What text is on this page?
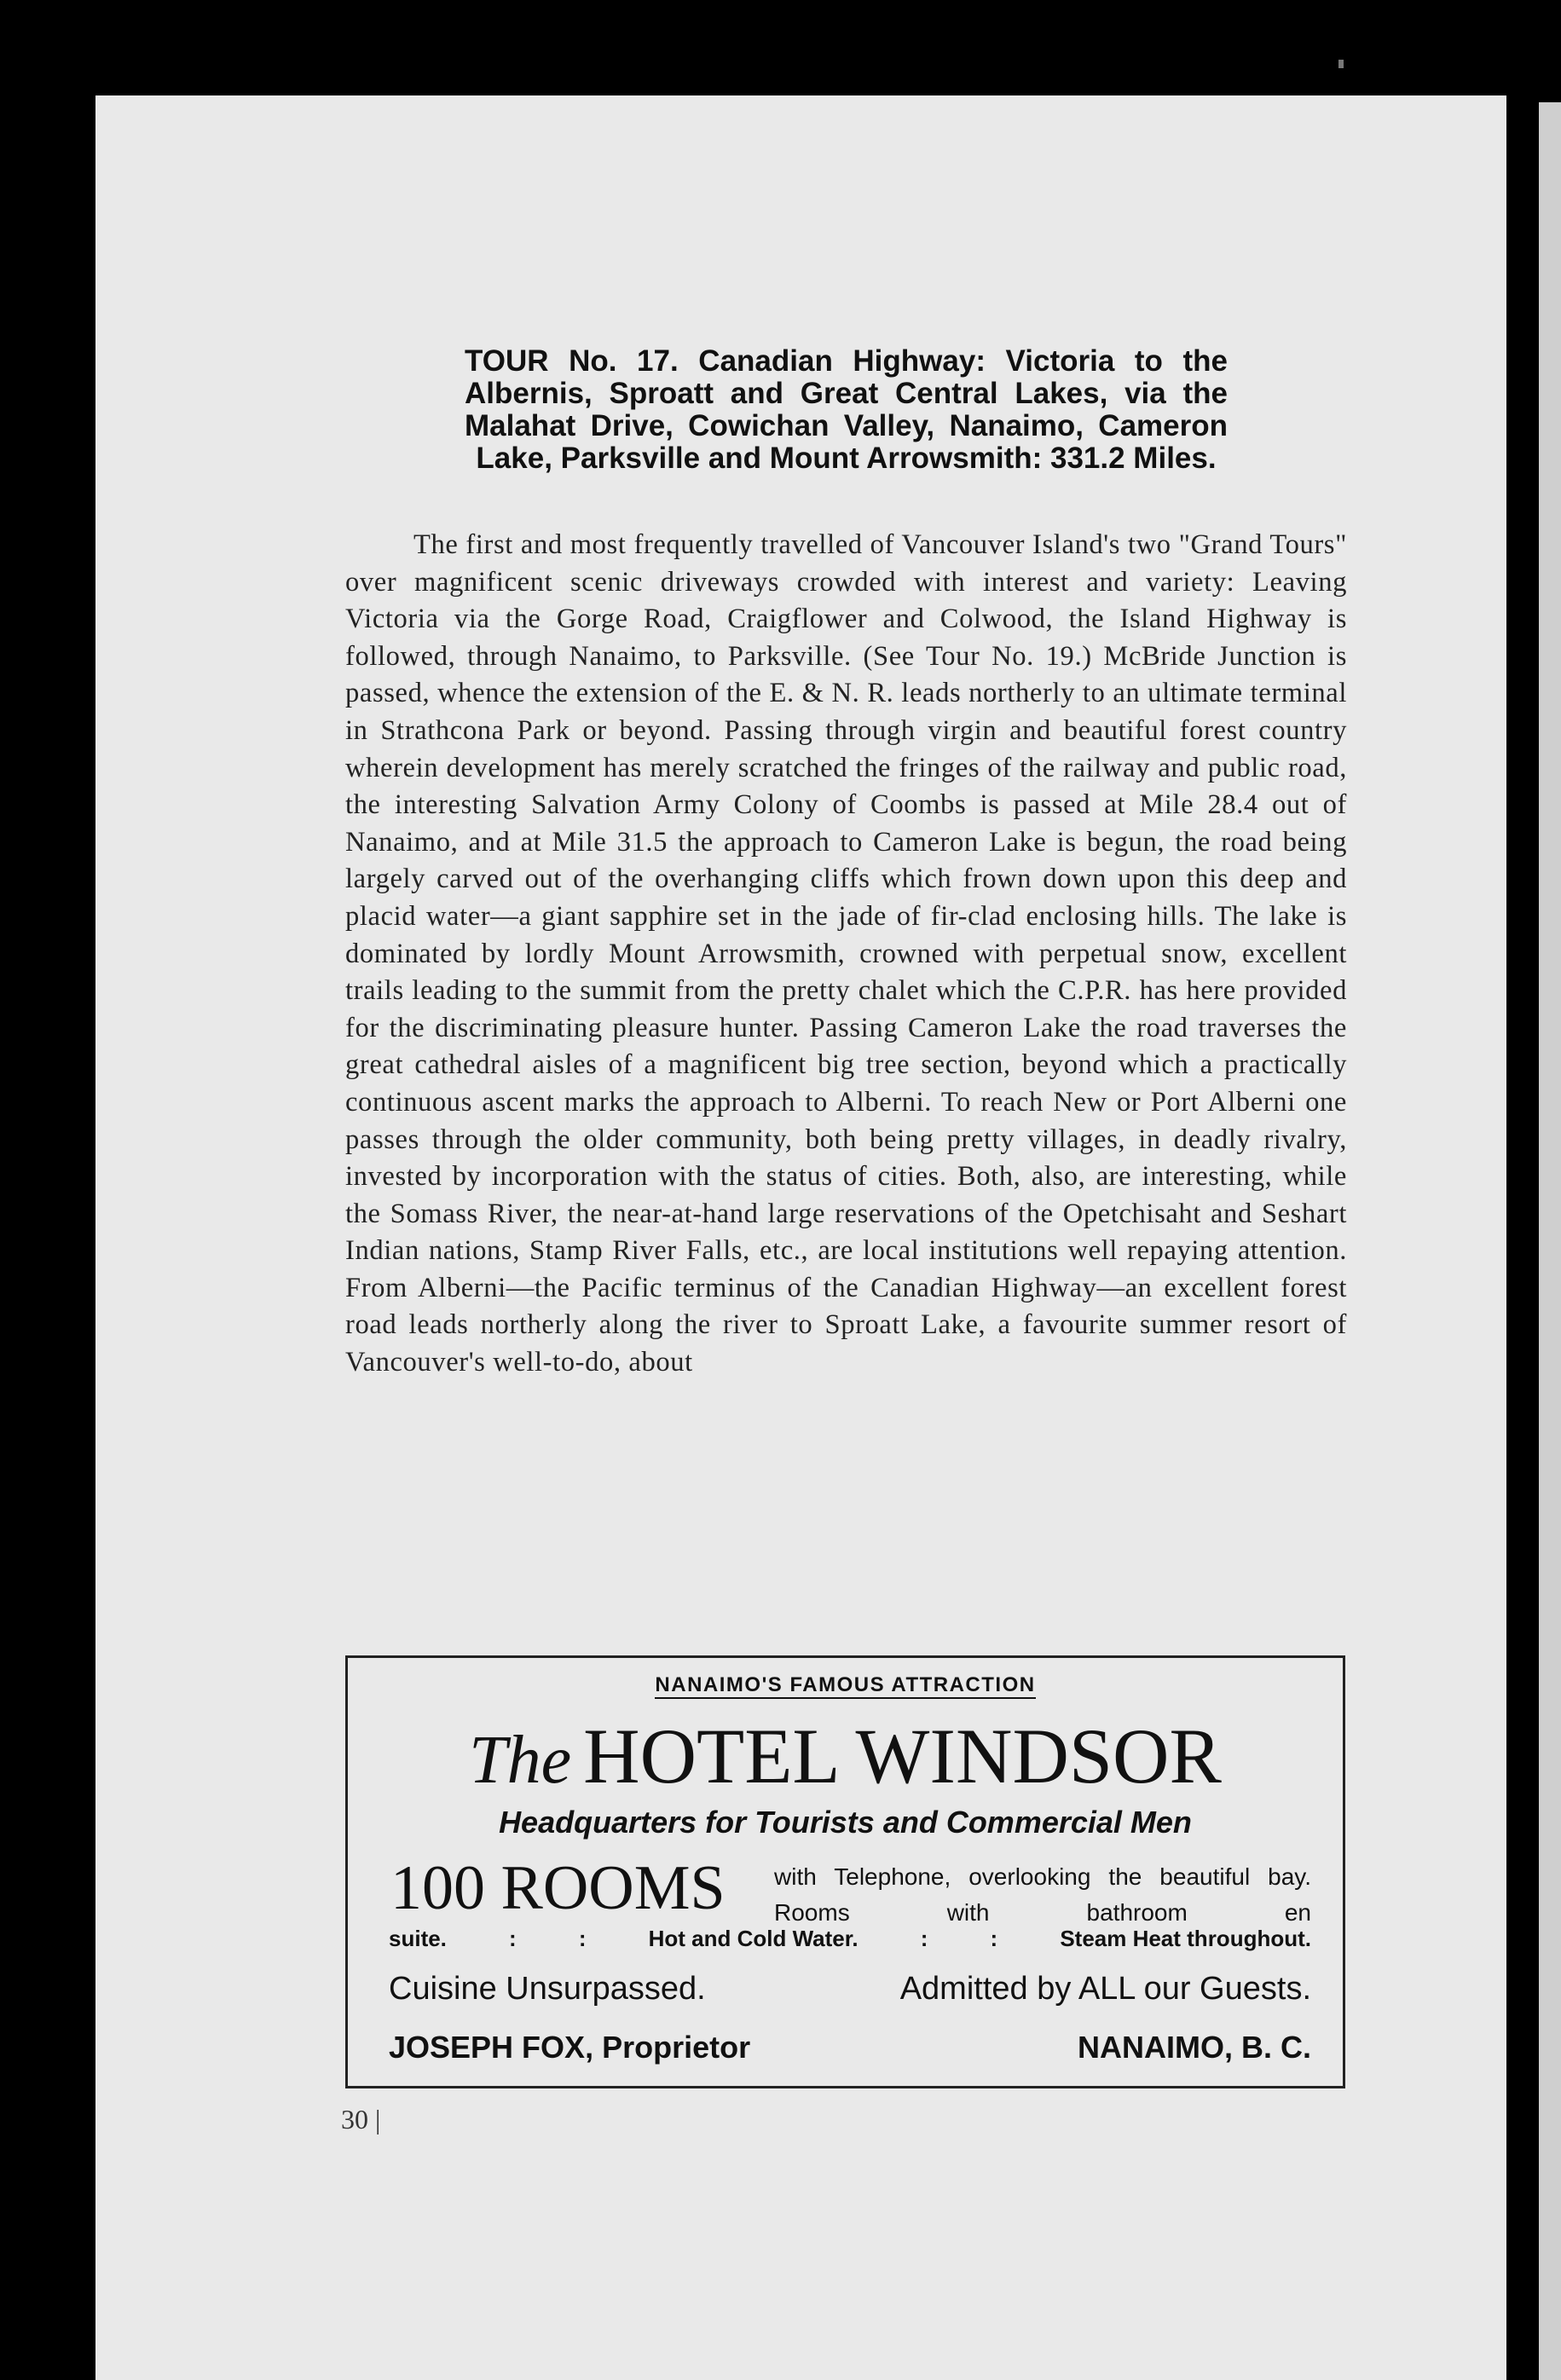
TOUR No. 17. Canadian Highway: Victoria to the Albernis, Sproatt and Great Central Lakes, via the Malahat Drive, Cowichan Valley, Nanaimo, Cameron Lake, Parksville and Mount Arrowsmith: 331.2 Miles.
The first and most frequently travelled of Vancouver Island's two "Grand Tours" over magnificent scenic driveways crowded with interest and variety: Leaving Victoria via the Gorge Road, Craigflower and Colwood, the Island Highway is followed, through Nanaimo, to Parksville. (See Tour No. 19.) McBride Junction is passed, whence the extension of the E. & N. R. leads northerly to an ultimate terminal in Strathcona Park or beyond. Passing through virgin and beautiful forest country wherein development has merely scratched the fringes of the railway and public road, the interesting Salvation Army Colony of Coombs is passed at Mile 28.4 out of Nanaimo, and at Mile 31.5 the approach to Cameron Lake is begun, the road being largely carved out of the overhanging cliffs which frown down upon this deep and placid water—a giant sapphire set in the jade of fir-clad enclosing hills. The lake is dominated by lordly Mount Arrowsmith, crowned with perpetual snow, excellent trails leading to the summit from the pretty chalet which the C.P.R. has here provided for the discriminating pleasure hunter. Passing Cameron Lake the road traverses the great cathedral aisles of a magnificent big tree section, beyond which a practically continuous ascent marks the approach to Alberni. To reach New or Port Alberni one passes through the older community, both being pretty villages, in deadly rivalry, invested by incorporation with the status of cities. Both, also, are interesting, while the Somass River, the near-at-hand large reservations of the Opetchisaht and Seshart Indian nations, Stamp River Falls, etc., are local institutions well repaying attention. From Alberni—the Pacific terminus of the Canadian Highway—an excellent forest road leads northerly along the river to Sproatt Lake, a favourite summer resort of Vancouver's well-to-do, about
NANAIMO'S FAMOUS ATTRACTION
The HOTEL WINDSOR
Headquarters for Tourists and Commercial Men
100 ROOMS with Telephone, overlooking the beautiful bay. Rooms with bathroom en
suite.	:	:	Hot and Cold Water.	:	:	Steam Heat throughout.
Cuisine Unsurpassed.	Admitted by ALL our Guests.
JOSEPH FOX, Proprietor	NANAIMO, B. C.
30 |
